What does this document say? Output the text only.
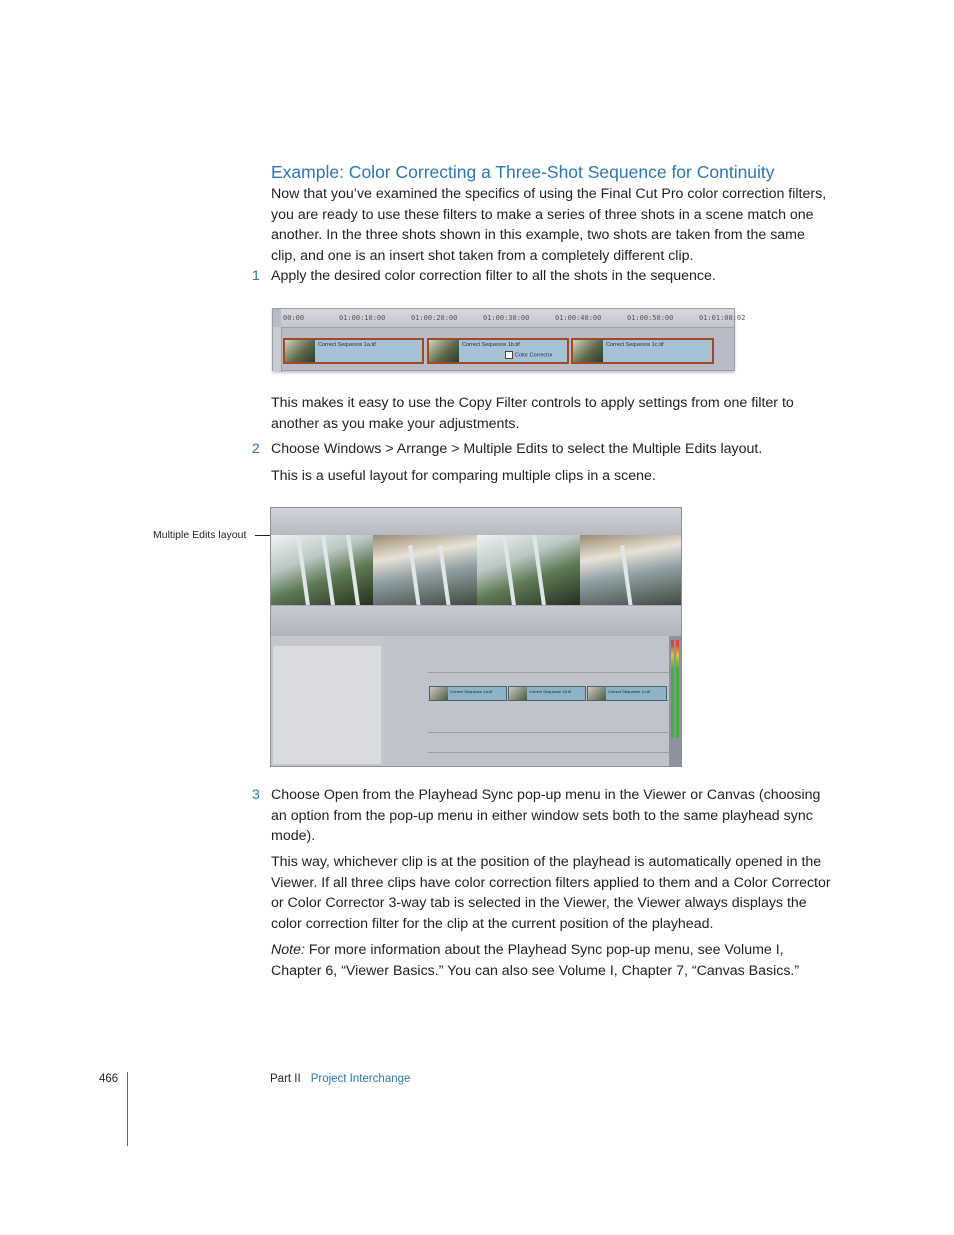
Example: Color Correcting a Three-Shot Sequence for Continuity
Now that you’ve examined the specifics of using the Final Cut Pro color correction filters, you are ready to use these filters to make a series of three shots in a scene match one another. In the three shots shown in this example, two shots are taken from the same clip, and one is an insert shot taken from a completely different clip.
1 Apply the desired color correction filter to all the shots in the sequence.
00:00	01:00:10:00	01:00:20:00	01:00:30:00	01:00:40:00	01:00:50:00	01:01:00:02
Correct Sequence 1a.tif	Correct Sequence 1b.tif
Color Corrector
Correct Sequence 1c.tif
This makes it easy to use the Copy Filter controls to apply settings from one filter to another as you make your adjustments.
2 Choose Windows > Arrange > Multiple Edits to select the Multiple Edits layout.
This is a useful layout for comparing multiple clips in a scene.
Multiple Edits layout
Correct Sequence 1a.tif	Correct Sequence 1b.tif	Correct Sequence 1c.tif
3 Choose Open from the Playhead Sync pop-up menu in the Viewer or Canvas (choosing an option from the pop-up menu in either window sets both to the same playhead sync mode).
This way, whichever clip is at the position of the playhead is automatically opened in the Viewer. If all three clips have color correction filters applied to them and a Color Corrector or Color Corrector 3-way tab is selected in the Viewer, the Viewer always displays the color correction filter for the clip at the current position of the playhead.
Note: For more information about the Playhead Sync pop-up menu, see Volume I, Chapter 6, “Viewer Basics.” You can also see Volume I, Chapter 7, “Canvas Basics.”
466	Part II Project Interchange
